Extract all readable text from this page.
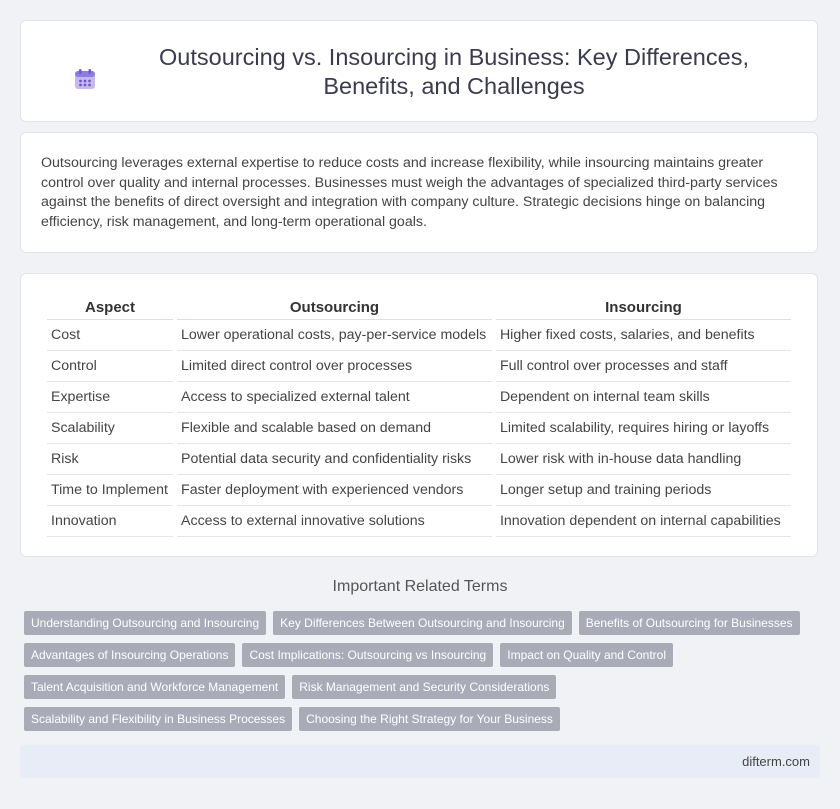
Outsourcing vs. Insourcing in Business: Key Differences, Benefits, and Challenges

Outsourcing leverages external expertise to reduce costs and increase flexibility, while insourcing maintains greater control over quality and internal processes. Businesses must weigh the advantages of specialized third-party services against the benefits of direct oversight and integration with company culture. Strategic decisions hinge on balancing efficiency, risk management, and long-term operational goals.

Aspect	Outsourcing	Insourcing
Cost	Lower operational costs, pay-per-service models	Higher fixed costs, salaries, and benefits
Control	Limited direct control over processes	Full control over processes and staff
Expertise	Access to specialized external talent	Dependent on internal team skills
Scalability	Flexible and scalable based on demand	Limited scalability, requires hiring or layoffs
Risk	Potential data security and confidentiality risks	Lower risk with in-house data handling
Time to Implement	Faster deployment with experienced vendors	Longer setup and training periods
Innovation	Access to external innovative solutions	Innovation dependent on internal capabilities
Important Related Terms
Understanding Outsourcing and Insourcing	Key Differences Between Outsourcing and Insourcing	Benefits of Outsourcing for Businesses
Advantages of Insourcing Operations	Cost Implications: Outsourcing vs Insourcing	Impact on Quality and Control
Talent Acquisition and Workforce Management	Risk Management and Security Considerations
Scalability and Flexibility in Business Processes	Choosing the Right Strategy for Your Business
difterm.com
